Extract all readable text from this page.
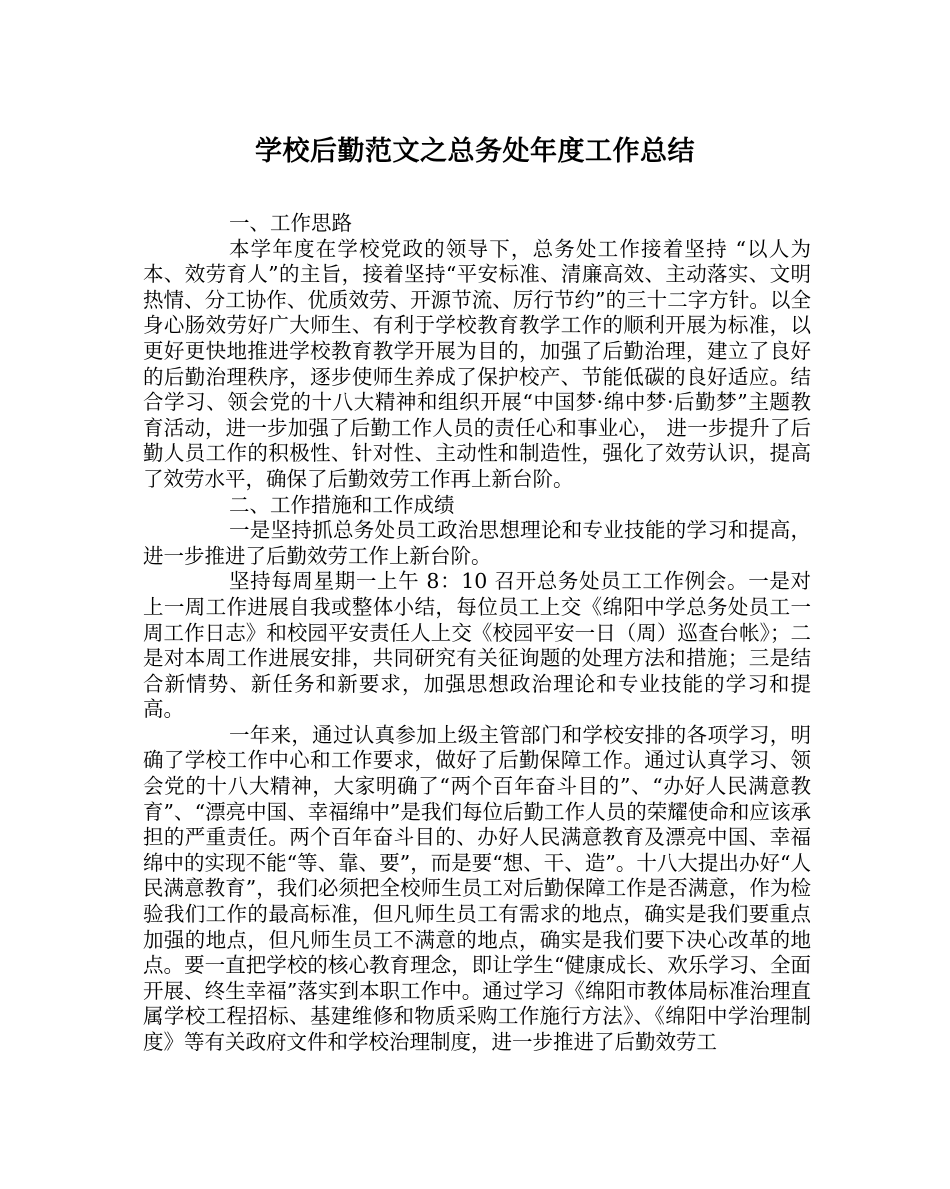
学校后勤范文之总务处年度工作总结

一、工作思路

本学年度在学校党政的领导下，总务处工作接着坚持 “以人为本、效劳育人”的主旨，接着坚持“平安标准、清廉高效、主动落实、文明热情、分工协作、优质效劳、开源节流、厉行节约”的三十二字方针。以全身心肠效劳好广大师生、有利于学校教育教学工作的顺利开展为标准，以更好更快地推进学校教育教学开展为目的，加强了后勤治理，建立了良好的后勤治理秩序，逐步使师生养成了保护校产、节能低碳的良好适应。结合学习、领会党的十八大精神和组织开展“中国梦·绵中梦·后勤梦”主题教育活动，进一步加强了后勤工作人员的责任心和事业心， 进一步提升了后勤人员工作的积极性、针对性、主动性和制造性，强化了效劳认识，提高了效劳水平，确保了后勤效劳工作再上新台阶。

二、工作措施和工作成绩

一是坚持抓总务处员工政治思想理论和专业技能的学习和提高，进一步推进了后勤效劳工作上新台阶。

坚持每周星期一上午 8：10 召开总务处员工工作例会。一是对上一周工作进展自我或整体小结，每位员工上交《绵阳中学总务处员工一周工作日志》和校园平安责任人上交《校园平安一日（周）巡查台帐》；二是对本周工作进展安排，共同研究有关征询题的处理方法和措施；三是结合新情势、新任务和新要求，加强思想政治理论和专业技能的学习和提高。

一年来，通过认真参加上级主管部门和学校安排的各项学习，明确了学校工作中心和工作要求，做好了后勤保障工作。通过认真学习、领会党的十八大精神，大家明确了“两个百年奋斗目的”、“办好人民满意教育”、“漂亮中国、幸福绵中”是我们每位后勤工作人员的荣耀使命和应该承担的严重责任。两个百年奋斗目的、办好人民满意教育及漂亮中国、幸福绵中的实现不能“等、靠、要”，而是要“想、干、造”。十八大提出办好“人民满意教育”，我们必须把全校师生员工对后勤保障工作是否满意，作为检验我们工作的最高标准，但凡师生员工有需求的地点，确实是我们要重点加强的地点，但凡师生员工不满意的地点，确实是我们要下决心改革的地点。要一直把学校的核心教育理念，即让学生“健康成长、欢乐学习、全面开展、终生幸福”落实到本职工作中。通过学习《绵阳市教体局标准治理直属学校工程招标、基建维修和物质采购工作施行方法》、《绵阳中学治理制度》等有关政府文件和学校治理制度，进一步推进了后勤效劳工
